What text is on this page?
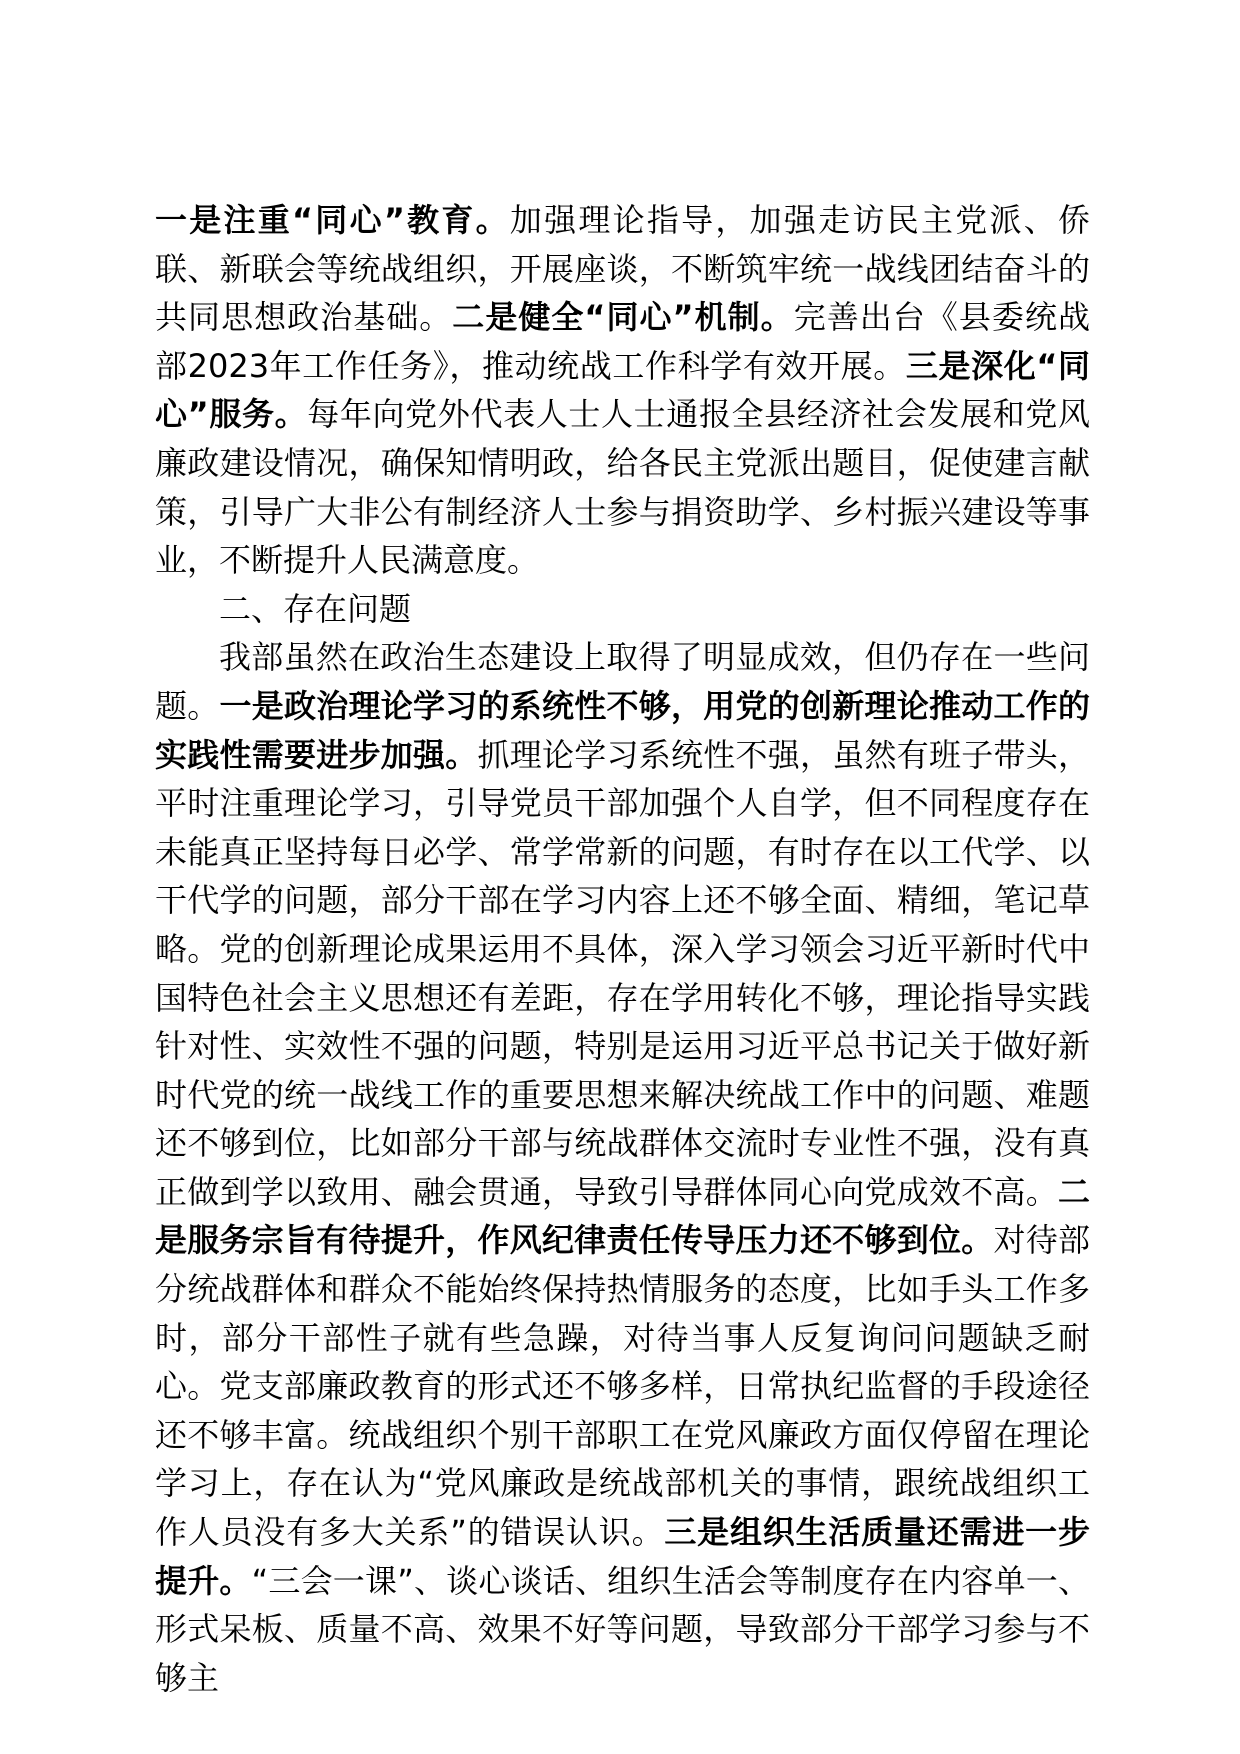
一是注重“同心”教育。加强理论指导，加强走访民主党派、侨联、新联会等统战组织，开展座谈，不断筑牢统一战线团结奋斗的共同思想政治基础。二是健全“同心”机制。完善出台《县委统战部2023年工作任务》，推动统战工作科学有效开展。三是深化“同心”服务。每年向党外代表人士人士通报全县经济社会发展和党风廉政建设情况，确保知情明政，给各民主党派出题目，促使建言献策，引导广大非公有制经济人士参与捐资助学、乡村振兴建设等事业，不断提升人民满意度。

二、存在问题

我部虽然在政治生态建设上取得了明显成效，但仍存在一些问题。一是政治理论学习的系统性不够，用党的创新理论推动工作的实践性需要进步加强。抓理论学习系统性不强，虽然有班子带头，平时注重理论学习，引导党员干部加强个人自学，但不同程度存在未能真正坚持每日必学、常学常新的问题，有时存在以工代学、以干代学的问题，部分干部在学习内容上还不够全面、精细，笔记草略。党的创新理论成果运用不具体，深入学习领会习近平新时代中国特色社会主义思想还有差距，存在学用转化不够，理论指导实践针对性、实效性不强的问题，特别是运用习近平总书记关于做好新时代党的统一战线工作的重要思想来解决统战工作中的问题、难题还不够到位，比如部分干部与统战群体交流时专业性不强，没有真正做到学以致用、融会贯通，导致引导群体同心向党成效不高。二是服务宗旨有待提升，作风纪律责任传导压力还不够到位。对待部分统战群体和群众不能始终保持热情服务的态度，比如手头工作多时，部分干部性子就有些急躁，对待当事人反复询问问题缺乏耐心。党支部廉政教育的形式还不够多样，日常执纪监督的手段途径还不够丰富。统战组织个别干部职工在党风廉政方面仅停留在理论学习上，存在认为“党风廉政是统战部机关的事情，跟统战组织工作人员没有多大关系”的错误认识。三是组织生活质量还需进一步提升。“三会一课”、谈心谈话、组织生活会等制度存在内容单一、形式呆板、质量不高、效果不好等问题，导致部分干部学习参与不够主
